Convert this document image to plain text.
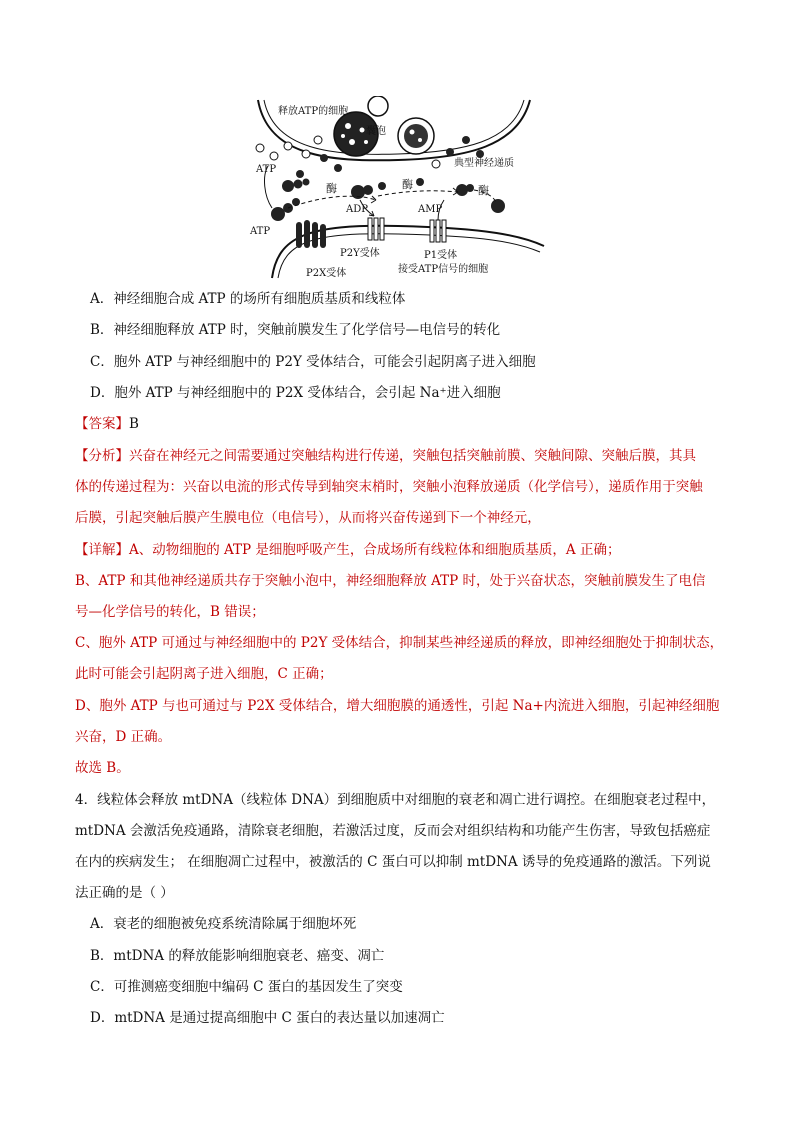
释放ATP的细胞
囊泡
典型神经递质
ATP
酶	酶	酶
ADP	AMP
ATP
P2Y受体	P1受体
接受ATP信号的细胞
P2X受体
A．神经细胞合成 ATP 的场所有细胞质基质和线粒体
B．神经细胞释放 ATP 时，突触前膜发生了化学信号—电信号的转化
C．胞外 ATP 与神经细胞中的 P2Y 受体结合，可能会引起阴离子进入细胞
D．胞外 ATP 与神经细胞中的 P2X 受体结合，会引起 Na⁺进入细胞
【答案】B
【分析】兴奋在神经元之间需要通过突触结构进行传递，突触包括突触前膜、突触间隙、突触后膜，其具
体的传递过程为：兴奋以电流的形式传导到轴突末梢时，突触小泡释放递质（化学信号），递质作用于突触
后膜，引起突触后膜产生膜电位（电信号），从而将兴奋传递到下一个神经元，
【详解】A、动物细胞的 ATP 是细胞呼吸产生，合成场所有线粒体和细胞质基质，A 正确；
B、ATP 和其他神经递质共存于突触小泡中，神经细胞释放 ATP 时，处于兴奋状态，突触前膜发生了电信
号—化学信号的转化，B 错误；
C、胞外 ATP 可通过与神经细胞中的 P2Y 受体结合，抑制某些神经递质的释放，即神经细胞处于抑制状态，
此时可能会引起阴离子进入细胞，C 正确；
D、胞外 ATP 与也可通过与 P2X 受体结合，增大细胞膜的通透性，引起 Na+内流进入细胞，引起神经细胞
兴奋，D 正确。
故选 B。
4．线粒体会释放 mtDNA（线粒体 DNA）到细胞质中对细胞的衰老和凋亡进行调控。在细胞衰老过程中，
mtDNA 会激活免疫通路，清除衰老细胞，若激活过度，反而会对组织结构和功能产生伤害，导致包括癌症
在内的疾病发生； 在细胞凋亡过程中，被激活的 C 蛋白可以抑制 mtDNA 诱导的免疫通路的激活。下列说
法正确的是（ ）
A．衰老的细胞被免疫系统清除属于细胞坏死
B．mtDNA 的释放能影响细胞衰老、癌变、凋亡
C．可推测癌变细胞中编码 C 蛋白的基因发生了突变
D．mtDNA 是通过提高细胞中 C 蛋白的表达量以加速凋亡
